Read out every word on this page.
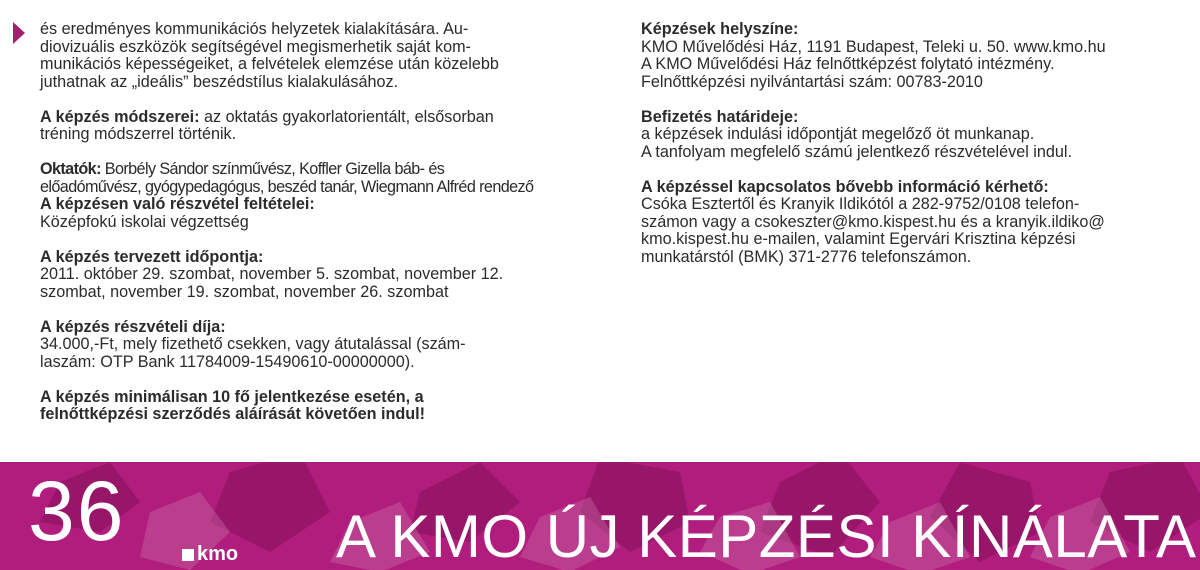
és eredményes kommunikációs helyzetek kialakítására. Au-
diovizuális eszközök segítségével megismerhetik saját kom-
munikációs képességeiket, a felvételek elemzése után közelebb
juthatnak az „ideális” beszédstílus kialakulásához.
A képzés módszerei: az oktatás gyakorlatorientált, elsősorban
tréning módszerrel történik.
Oktatók: Borbély Sándor színművész, Koffler Gizella báb- és
előadóművész, gyógypedagógus, beszéd tanár, Wiegmann Alfréd rendező
A képzésen való részvétel feltételei:
Középfokú iskolai végzettség
A képzés tervezett időpontja:
2011. október 29. szombat, november 5. szombat, november 12.
szombat, november 19. szombat, november 26. szombat
A képzés részvételi díja:
34.000,-Ft, mely fizethető csekken, vagy átutalással (szám-
laszám: OTP Bank 11784009-15490610-00000000).
A képzés minimálisan 10 fő jelentkezése esetén, a
felnőttképzési szerződés aláírását követően indul!
Képzések helyszíne:
KMO Művelődési Ház, 1191 Budapest, Teleki u. 50. www.kmo.hu
A KMO Művelődési Ház felnőttképzést folytató intézmény.
Felnőttképzési nyilvántartási szám: 00783-2010
Befizetés határideje:
a képzések indulási időpontját megelőző öt munkanap.
A tanfolyam megfelelő számú jelentkező részvételével indul.
A képzéssel kapcsolatos bővebb információ kérhető:
Csóka Esztertől és Kranyik Ildikótól a 282-9752/0108 telefon-
számon vagy a csokeszter@kmo.kispest.hu és a kranyik.ildiko@
kmo.kispest.hu e-mailen, valamint Egervári Krisztina képzési
munkatárstól (BMK) 371-2776 telefonszámon.
36	kmo A KMO ÚJ KÉPZÉSI KÍNÁLATA
